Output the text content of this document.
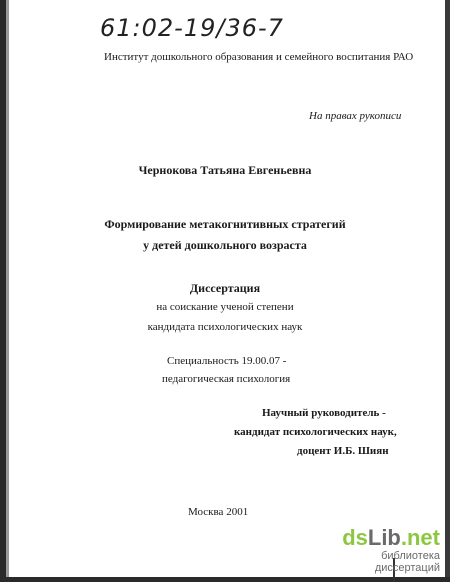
61:02-19/36-7
Институт дошкольного образования и семейного воспитания РАО
На правах рукописи
Чернокова Татьяна Евгеньевна
Формирование метакогнитивных стратегий
у детей дошкольного возраста
Диссертация
на соискание ученой степени
кандидата психологических наук
Специальность 19.00.07 -
педагогическая психология
Научный руководитель -
кандидат психологических наук,
доцент И.Б. Шиян
Москва 2001
dsLib.net
библиотека диссертаций
